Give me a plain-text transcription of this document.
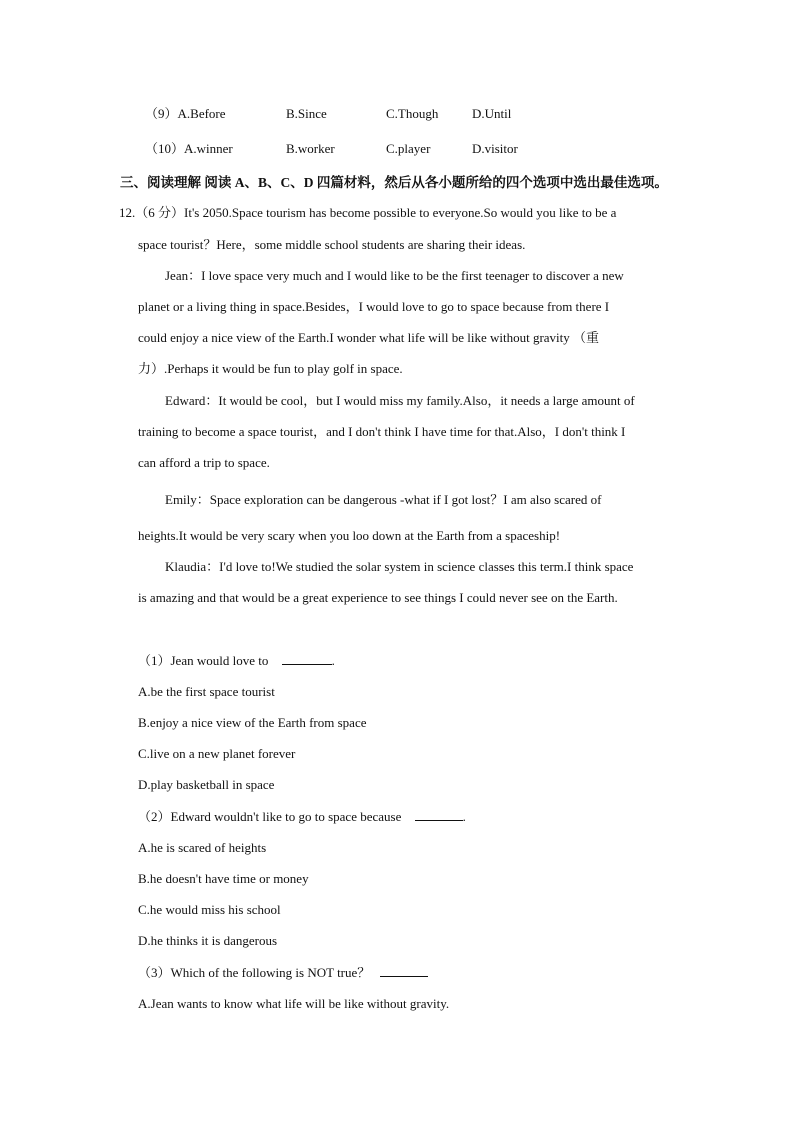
（9）A.Before	B.Since	C.Though	D.Until
（10）A.winner	B.worker	C.player	D.visitor
三、阅读理解 阅读 A、B、C、D 四篇材料，然后从各小题所给的四个选项中选出最佳选项。
12.（6 分）It's 2050.Space tourism has become possible to everyone.So would you like to be a
space tourist？Here，some middle school students are sharing their ideas.
Jean：I love space very much and I would like to be the first teenager to discover a new
planet or a living thing in space.Besides，I would love to go to space because from there I
could enjoy a nice view of the Earth.I wonder what life will be like without gravity （重
力）.Perhaps it would be fun to play golf in space.
Edward：It would be cool，but I would miss my family.Also，it needs a large amount of
training to become a space tourist，and I don't think I have time for that.Also，I don't think I
can afford a trip to space.
Emily：Space exploration can be dangerous -what if I got lost？I am also scared of
heights.It would be very scary when you loo down at the Earth from a spaceship!
Klaudia：I'd love to!We studied the solar system in science classes this term.I think space
is amazing and that would be a great experience to see things I could never see on the Earth.
（1）Jean would love to	.
A.be the first space tourist
B.enjoy a nice view of the Earth from space
C.live on a new planet forever
D.play basketball in space
（2）Edward wouldn't like to go to space because	.
A.he is scared of heights
B.he doesn't have time or money
C.he would miss his school
D.he thinks it is dangerous
（3）Which of the following is NOT true？
A.Jean wants to know what life will be like without gravity.
